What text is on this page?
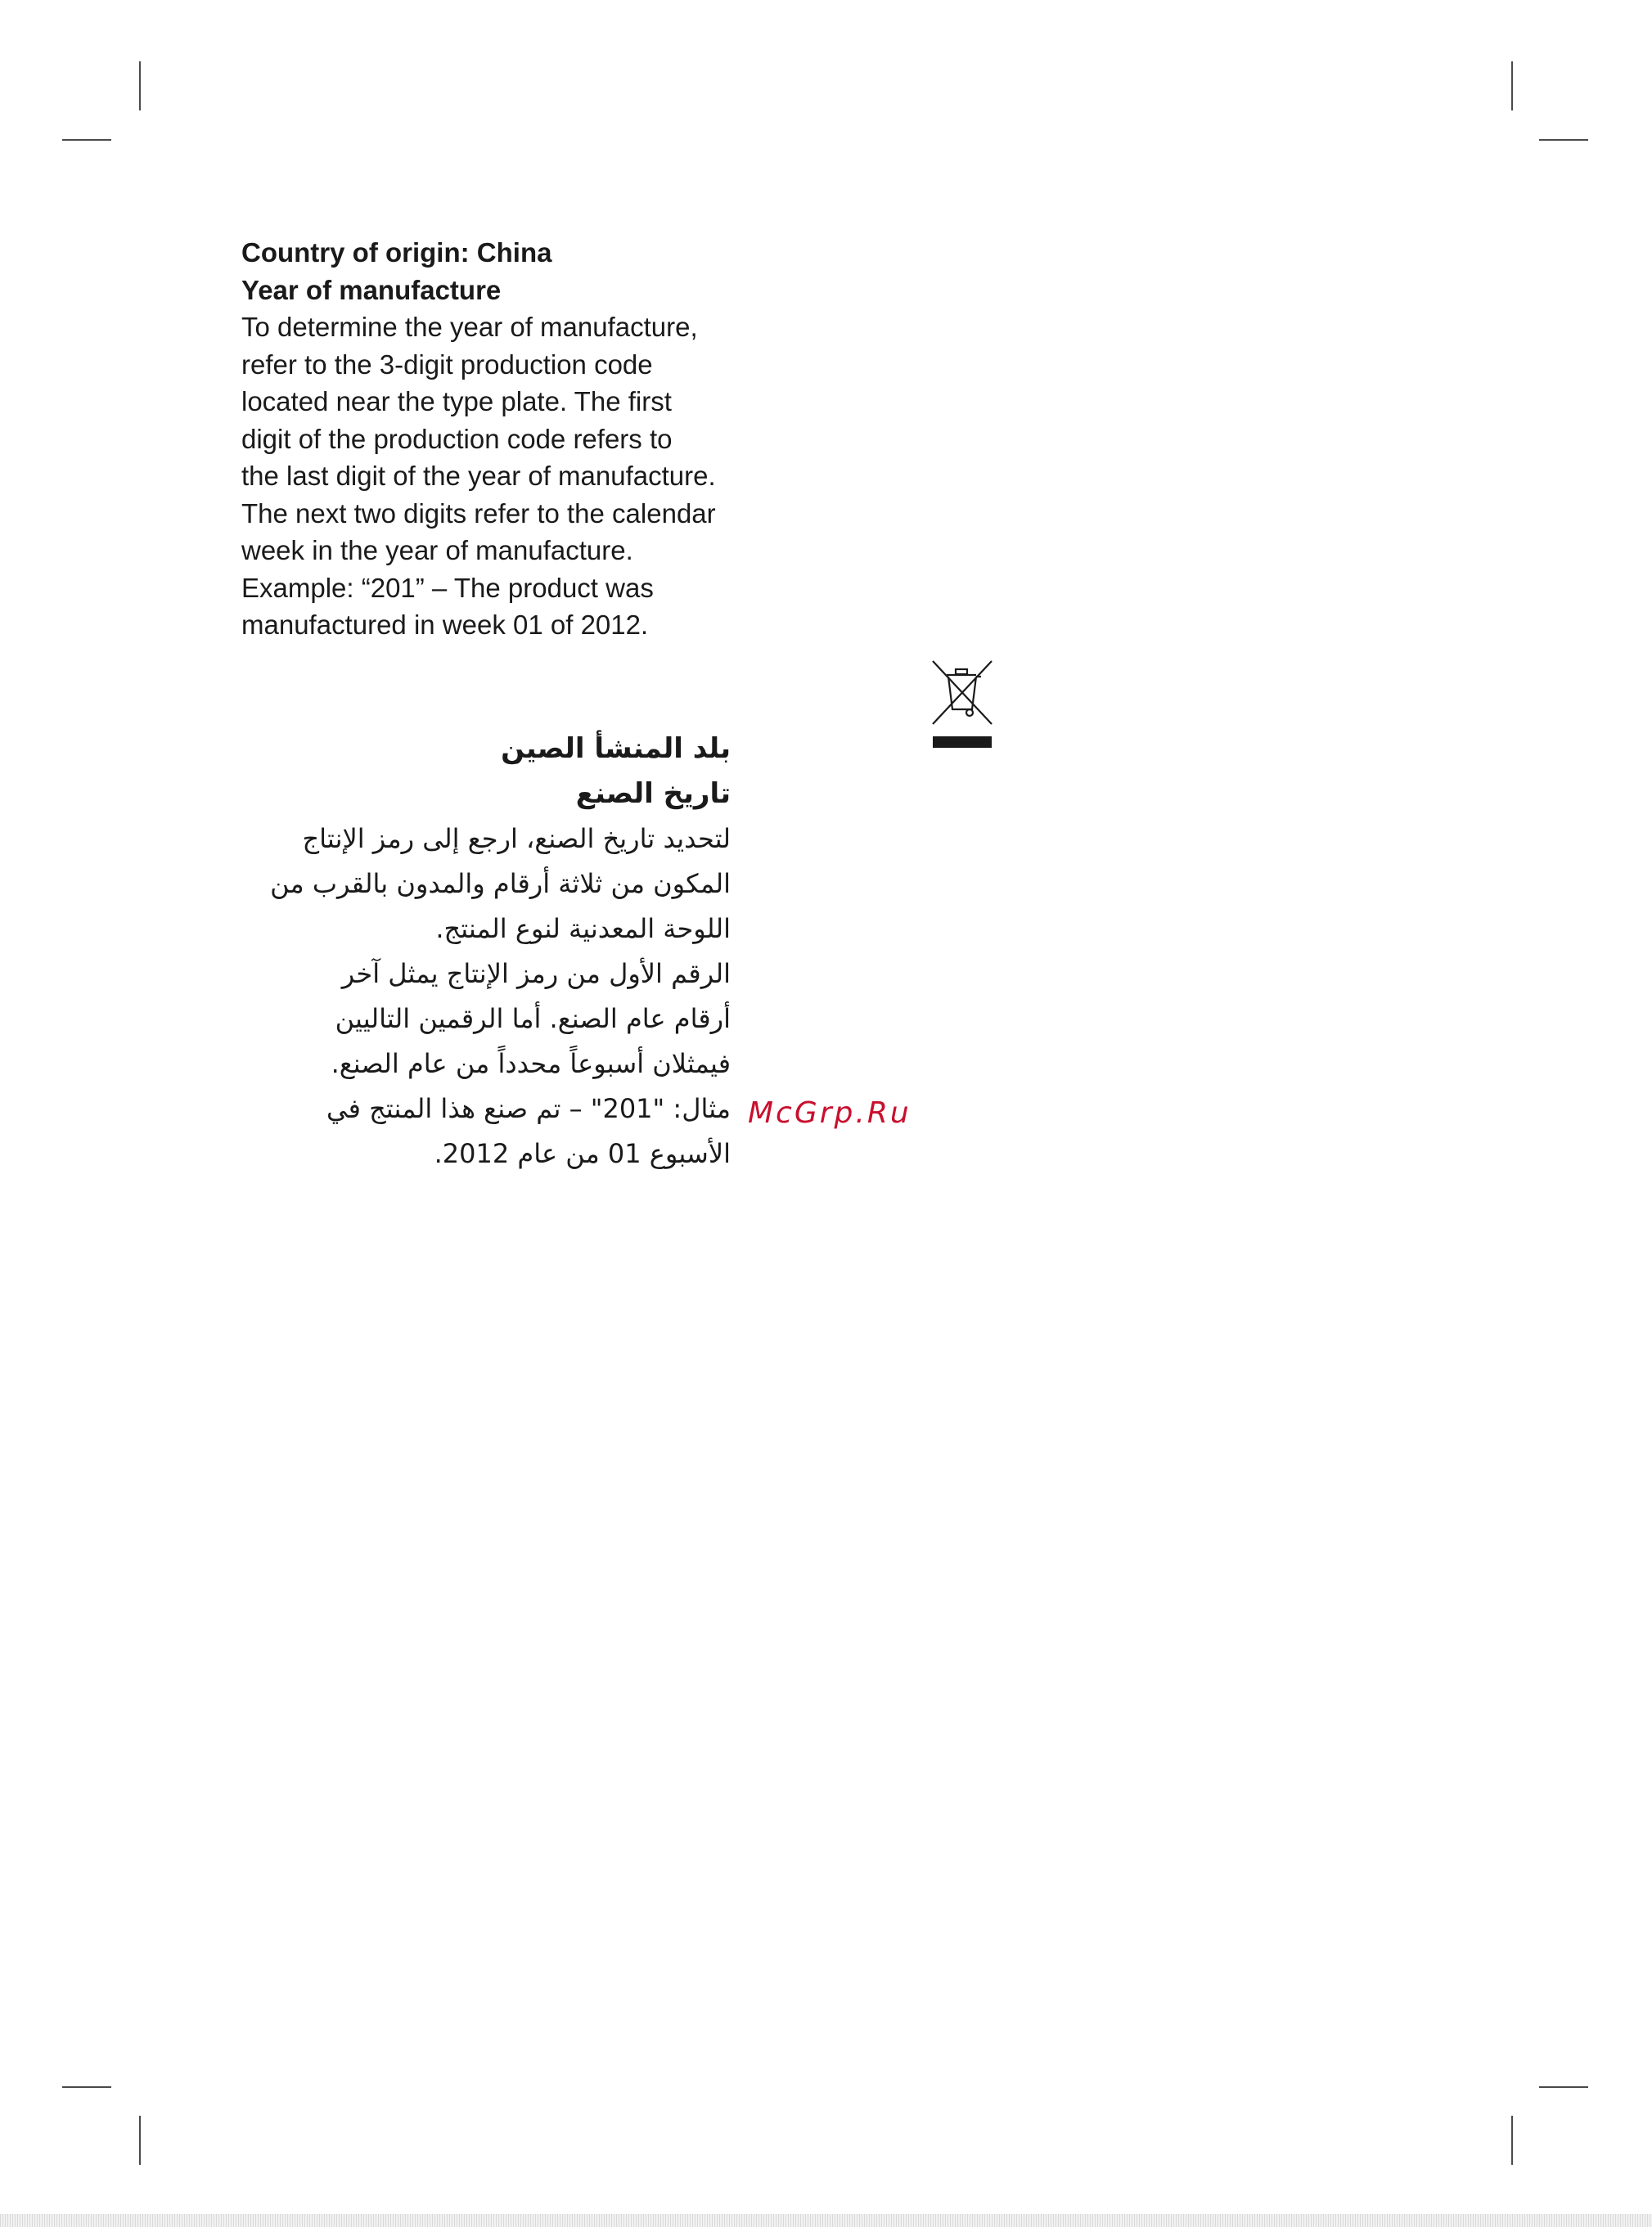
Country of origin: China

Year of manufacture

To determine the year of manufacture,
refer to the 3-digit production code
located near the type plate. The first
digit of the production code refers to
the last digit of the year of manufacture.
The next two digits refer to the calendar
week in the year of manufacture.
Example: “201” – The product was
manufactured in week 01 of 2012.

بلد المنشأ الصين

تاريخ الصنع

لتحديد تاريخ الصنع، ارجع إلى رمز الإنتاج
المكون من ثلاثة أرقام والمدون بالقرب من
اللوحة المعدنية لنوع المنتج.
الرقم الأول من رمز الإنتاج يمثل آخر
أرقام عام الصنع. أما الرقمين التاليين
فيمثلان أسبوعاً محدداً من عام الصنع.
مثال: "201" – تم صنع هذا المنتج في
الأسبوع 01 من عام 2012.

McGrp.Ru
